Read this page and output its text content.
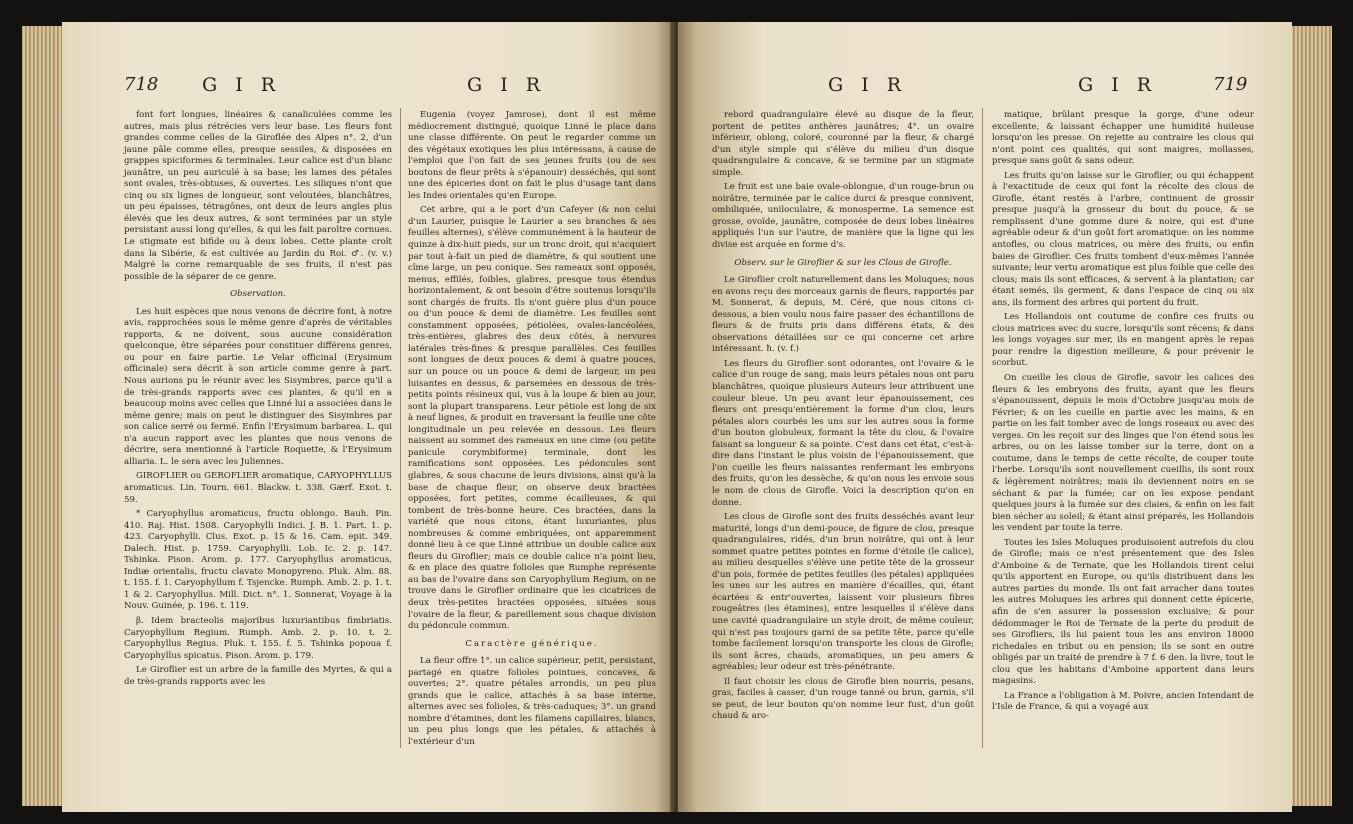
718 G I R	G I R

font fort longues, linéaires & canaliculées comme les autres, mais plus rétrécies vers leur base. Les fleurs font grandes comme celles de la Giroflée des Alpes n°. 2, d'un jaune pâle comme elles, presque sessiles, & disposées en grappes spiciformes & terminales. Leur calice est d'un blanc jaunâtre, un peu auriculé à sa base; les lames des pétales sont ovales, très-obtuses, & ouvertes. Les siliques n'ont que cinq ou six lignes de longueur, sont veloutées, blanchâtres, un peu épaisses, tétragônes, ont deux de leurs angles plus élevés que les deux autres, & sont terminées par un style persistant aussi long qu'elles, & qui les fait paroître cornues. Le stigmate est bifide ou à deux lobes. Cette plante croît dans la Sibérie, & est cultivée au Jardin du Roi. ♂. (v. v.) Malgré la corne remarquable de ses fruits, il n'est pas possible de la séparer de ce genre.

Observation.

Les huit espèces que nous venons de décrire font, à notre avis, rapprochées sous le même genre d'après de véritables rapports, & ne doivent, sous aucune considération quelconque, être séparées pour constituer différens genres, ou pour en faire partie. Le Velar officinal (Erysimum officinale) sera décrit à son article comme genre à part. Nous aurions pu le réunir avec les Sisymbres, parce qu'il a de très-grands rapports avec ces plantes, & qu'il en a beaucoup moins avec celles que Linné lui a associées dans le même genre; mais on peut le distinguer des Sisymbres par son calice serré ou fermé. Enfin l'Erysimum barbarea. L. qui n'a aucun rapport avec les plantes que nous venons de décrire, sera mentionné à l'article Roquette, & l'Erysimum alliaria. L. le sera avec les Juliennes.

GIROFLIER ou GEROFLIER aromatique, CARYOPHYLLUS aromaticus. Lin. Tourn. 661. Blackw. t. 338. Gærf. Exot. t. 59.

* Caryophyllus aromaticus, fructu oblongo. Bauh. Pin. 410. Raj. Hist. 1508. Caryophylli Indici. J. B. 1. Part. 1. p. 423. Caryophylli. Clus. Exot. p. 15 & 16. Cam. epit. 349. Dalech. Hist. p. 1759. Caryophylli. Lob. Ic. 2. p. 147. Tshinka. Pison. Arom. p. 177. Caryophyllus aromaticus, Indiæ orientalis, fructu clavato Monopyreno. Pluk. Alm. 88. t. 155. f. 1. Caryophyllum f. Tsjencke. Rumph. Amb. 2. p. 1. t. 1 & 2. Caryophyllus. Mill. Dict. n°. 1. Sonnerat, Voyage à la Nouv. Guinée, p. 196. t. 119.

β. Idem bracteolis majoribus luxuriantibus fimbriatis. Caryophyllum Regium. Rumph. Amb. 2. p. 10. t. 2. Caryophyllus Regius. Pluk. t. 155. f. 5. Tshinka popoua f. Caryophyllus spicatus. Pison. Arom. p. 179.

Le Giroflier est un arbre de la famille des Myrtes, & qui a de très-grands rapports avec les

Eugenia (voyez Jamrose), dont il est même médiocrement distingué, quoique Linné le place dans une classe différente. On peut le regarder comme un des végétaux exotiques les plus intéressans, à cause de l'emploi que l'on fait de ses jeunes fruits (ou de ses boutons de fleur prêts à s'épanouir) desséchés, qui sont une des épiceries dont on fait le plus d'usage tant dans les Indes orientales qu'en Europe.

Cet arbre, qui a le port d'un Cafeyer (& non celui d'un Laurier, puisque le Laurier a ses branches & ses feuilles alternes), s'élève communément à la hauteur de quinze à dix-huit pieds, sur un tronc droit, qui n'acquiert par tout à-fait un pied de diamètre, & qui soutient une cîme large, un peu conique. Ses rameaux sont opposés, menus, effilés, foibles, glabres, presque tous étendus horizontalement, & ont besoin d'être soutenus lorsqu'ils sont chargés de fruits. Ils n'ont guère plus d'un pouce ou d'un pouce & demi de diamètre. Les feuilles sont constamment opposées, pétiolées, ovales-lancéolées, très-entières, glabres des deux côtés, à nervures latérales très-fines & presque parallèles. Ces feuilles sont longues de deux pouces & demi à quatre pouces, sur un pouce ou un pouce & demi de largeur, un peu luisantes en dessus, & parsemées en dessous de très-petits points résineux qui, vus à la loupe & bien au jour, sont la plupart transparens. Leur pétiole est long de six à neuf lignes, & produit en traversant la feuille une côte longitudinale un peu relevée en dessous. Les fleurs naissent au sommet des rameaux en une cime (ou petite panicule corymbiforme) terminale, dont les ramifications sont opposées. Les pédoncules sont glabres, & sous chacune de leurs divisions, ainsi qu'à la base de chaque fleur, on observe deux bractées opposées, fort petites, comme écailleuses, & qui tombent de très-bonne heure. Ces bractées, dans la variété que nous citons, étant luxuriantes, plus nombreuses & comme embriquées, ont apparemment donné lieu à ce que Linné attribue un double calice aux fleurs du Giroflier; mais ce double calice n'a point lieu, & en place des quatre folioles que Rumphe représente au bas de l'ovaire dans son Caryophyllum Regium, on ne trouve dans le Giroflier ordinaire que les cicatrices de deux très-petites bractées opposées, situées sous l'ovaire de la fleur, & pareillement sous chaque division du pédoncule commun.

Caractère générique.

La fleur offre 1°. un calice supérieur, petit, persistant, partagé en quatre folioles pointues, concaves, & ouvertes; 2°. quatre pétales arrondis, un peu plus grands que le calice, attachés à sa base interne, alternes avec ses folioles, & très-caduques; 3°. un grand nombre d'étamines, dont les filamens capillaires, blancs, un peu plus longs que les pétales, & attachés à l'extérieur d'un

G I R	G I R	719

rebord quadrangulaire élevé au disque de la fleur, portent de petites anthères jaunâtres; 4°. un ovaire inférieur, oblong, coloré, couronné par la fleur, & chargé d'un style simple qui s'élève du milieu d'un disque quadrangulaire & concave, & se termine par un stigmate simple.

Le fruit est une baie ovale-oblongue, d'un rouge-brun ou noirâtre, terminée par le calice durci & presque connivent, ombiliquée, uniloculaire, & monosperme. La semence est grosse, ovoïde, jaunâtre, composée de deux lobes linéaires appliqués l'un sur l'autre, de manière que la ligne qui les divise est arquée en forme d's.

Observ. sur le Giroflier & sur les Clous de Girofle.

Le Giroflier croît naturellement dans les Moluques; nous en avons reçu des morceaux garnis de fleurs, rapportés par M. Sonnerat, & depuis, M. Céré, que nous citons ci-dessous, a bien voulu nous faire passer des échantillons de fleurs & de fruits pris dans différens états, & des observations détaillées sur ce qui concerne cet arbre intéressant. ħ. (v. f.)

Les fleurs du Giroflier sont odorantes, ont l'ovaire & le calice d'un rouge de sang, mais leurs pétales nous ont paru blanchâtres, quoique plusieurs Auteurs leur attribuent une couleur bleue. Un peu avant leur épanouissement, ces fleurs ont presqu'entièrement la forme d'un clou, leurs pétales alors courbés les uns sur les autres sous la forme d'un bouton globuleux, formant la tête du clou, & l'ovaire faisant sa longueur & sa pointe. C'est dans cet état, c'est-à-dire dans l'instant le plus voisin de l'épanouissement, que l'on cueille les fleurs naissantes renfermant les embryons des fruits, qu'on les dessèche, & qu'on nous les envoie sous le nom de clous de Girofle. Voici la description qu'on en donne.

Les clous de Girofle sont des fruits desséchés avant leur maturité, longs d'un demi-pouce, de figure de clou, presque quadrangulaires, ridés, d'un brun noirâtre, qui ont à leur sommet quatre petites pointes en forme d'étoile (le calice), au milieu desquelles s'élève une petite tête de la grosseur d'un pois, formée de petites feuilles (les pétales) appliquées les unes sur les autres en manière d'écailles, qui, étant écartées & entr'ouvertes, laissent voir plusieurs fibres rougeâtres (les étamines), entre lesquelles il s'élève dans une cavité quadrangulaire un style droit, de même couleur, qui n'est pas toujours garni de sa petite tête, parce qu'elle tombe facilement lorsqu'on transporte les clous de Girofle; ils sont âcres, chauds, aromatiques, un peu amers & agréables; leur odeur est très-pénétrante.

Il faut choisir les clous de Girofle bien nourris, pesans, gras, faciles à casser, d'un rouge tanné ou brun, garnis, s'il se peut, de leur bouton qu'on nomme leur fust, d'un goût chaud & aro-

matique, brûlant presque la gorge, d'une odeur excellente, & laissant échapper une humidité huileuse lorsqu'on les presse. On rejette au contraire les clous qui n'ont point ces qualités, qui sont maigres, mollasses, presque sans goût & sans odeur.

Les fruits qu'on laisse sur le Giroflier, ou qui échappent à l'exactitude de ceux qui font la récolte des clous de Girofle, étant restés à l'arbre, continuent de grossir presque jusqu'à la grosseur du bout du pouce, & se remplissent d'une gomme dure & noire, qui est d'une agréable odeur & d'un goût fort aromatique: on les nomme antofles, ou clous matrices, ou mère des fruits, ou enfin baies de Giroflier. Ces fruits tombent d'eux-mêmes l'année suivante; leur vertu aromatique est plus foible que celle des clous; mais ils sont efficaces, & servent à la plantation; car étant semés, ils germent, & dans l'espace de cinq ou six ans, ils forment des arbres qui portent du fruit.

Les Hollandois ont coutume de confire ces fruits ou clous matrices avec du sucre, lorsqu'ils sont récens; & dans les longs voyages sur mer, ils en mangent après le repas pour rendre la digestion meilleure, & pour prévenir le scorbut.

On cueille les clous de Girofle, savoir les calices des fleurs & les embryons des fruits, ayant que les fleurs s'épanouissent, depuis le mois d'Octobre jusqu'au mois de Février; & on les cueille en partie avec les mains, & en partie on les fait tomber avec de longs roseaux ou avec des verges. On les reçoit sur des linges que l'on étend sous les arbres, ou on les laisse tomber sur la terre, dont on a coutume, dans le temps de cette récolte, de couper toute l'herbe. Lorsqu'ils sont nouvellement cueillis, ils sont roux & légèrement noirâtres; mais ils deviennent noirs en se séchant & par la fumée; car on les expose pendant quelques jours à la fumée sur des claies, & enfin on les fait bien sécher au soleil; & étant ainsi préparés, les Hollandois les vendent par toute la terre.

Toutes les Isles Moluques produisoient autrefois du clou de Girofle; mais ce n'est présentement que des Isles d'Amboine & de Ternate, que les Hollandois tirent celui qu'ils apportent en Europe, ou qu'ils distribuent dans les autres parties du monde. Ils ont fait arracher dans toutes les autres Moluques les arbres qui donnent cette épicerie, afin de s'en assurer la possession exclusive; & pour dédommager le Roi de Ternate de la perte du produit de ses Girofliers, ils lui paient tous les ans environ 18000 richedales en tribut ou en pension; ils se sont en outre obligés par un traité de prendre à 7 f. 6 den. la livre, tout le clou que les habitans d'Amboine apportent dans leurs magasins.

La France a l'obligation à M. Poivre, ancien Intendant de l'Isle de France, & qui a voyagé aux
